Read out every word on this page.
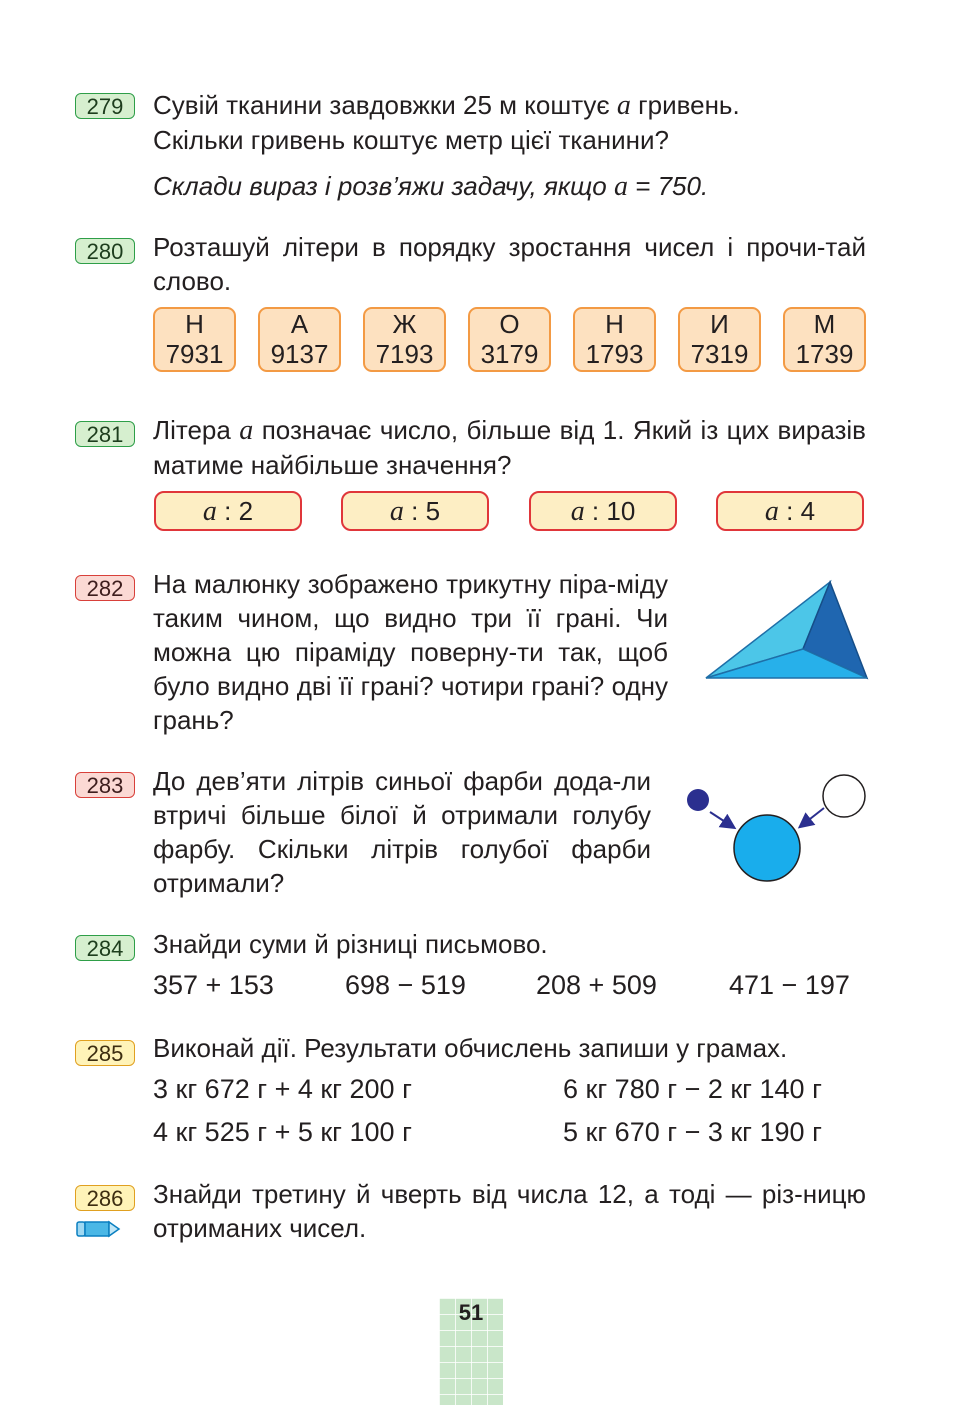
279	Сувій тканини завдовжки 25 м коштує а гривень.
Скільки гривень коштує метр цієї тканини?

Склади вираз і розв’яжи задачу, якщо а = 750.

280	Розташуй літери в порядку зростання чисел і прочи-тай слово.

Н
7931
А
9137
Ж
7193
О
3179
Н
1793
И
7319
М
1739
281	Літера а позначає число, більше від 1. Який із цих виразів матиме найбільше значення?

а : 2	а : 5	а : 10	а : 4
282	На малюнку зображено трикутну піра-міду таким чином, що видно три її грані. Чи можна цю піраміду поверну-ти так, щоб було видно дві її грані? чотири грані? одну грань?

283	До дев’яти літрів синьої фарби дода-ли втричі більше білої й отримали голубу фарбу. Скільки літрів голубої фарби отримали?

284	Знайди суми й різниці письмово.

357 + 153	698 − 519	208 + 509	471 − 197
285	Виконай дії. Результати обчислень запиши у грамах.

3 кг 672 г + 4 кг 200 г	6 кг 780 г − 2 кг 140 г
4 кг 525 г + 5 кг 100 г	5 кг 670 г − 3 кг 190 г
286	Знайди третину й чверть від числа 12, а тоді — різ-ницю отриманих чисел.

51
